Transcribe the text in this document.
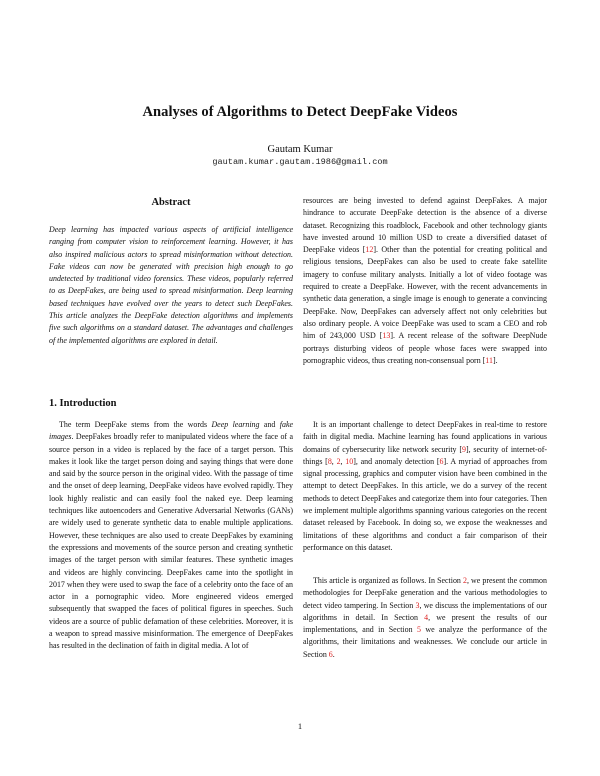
Analyses of Algorithms to Detect DeepFake Videos
Gautam Kumar
gautam.kumar.gautam.1986@gmail.com
Abstract
Deep learning has impacted various aspects of artificial intelligence ranging from computer vision to reinforcement learning. However, it has also inspired malicious actors to spread misinformation without detection. Fake videos can now be generated with precision high enough to go undetected by traditional video forensics. These videos, popularly referred to as DeepFakes, are being used to spread misinformation. Deep learning based techniques have evolved over the years to detect such DeepFakes. This article analyzes the DeepFake detection algorithms and implements five such algorithms on a standard dataset. The advantages and challenges of the implemented algorithms are explored in detail.
1. Introduction
The term DeepFake stems from the words Deep learning and fake images. DeepFakes broadly refer to manipulated videos where the face of a source person in a video is replaced by the face of a target person. This makes it look like the target person doing and saying things that were done and said by the source person in the original video. With the passage of time and the onset of deep learning, DeepFake videos have evolved rapidly. They look highly realistic and can easily fool the naked eye. Deep learning techniques like autoencoders and Generative Adversarial Networks (GANs) are widely used to generate synthetic data to enable multiple applications. However, these techniques are also used to create DeepFakes by examining the expressions and movements of the source person and creating synthetic images of the target person with similar features. These synthetic images and videos are highly convincing. DeepFakes came into the spotlight in 2017 when they were used to swap the face of a celebrity onto the face of an actor in a pornographic video. More engineered videos emerged subsequently that swapped the faces of political figures in speeches. Such videos are a source of public defamation of these celebrities. Moreover, it is a weapon to spread massive misinformation. The emergence of DeepFakes has resulted in the declination of faith in digital media. A lot of
resources are being invested to defend against DeepFakes. A major hindrance to accurate DeepFake detection is the absence of a diverse dataset. Recognizing this roadblock, Facebook and other technology giants have invested around 10 million USD to create a diversified dataset of DeepFake videos [12]. Other than the potential for creating political and religious tensions, DeepFakes can also be used to create fake satellite imagery to confuse military analysts. Initially a lot of video footage was required to create a DeepFake. However, with the recent advancements in synthetic data generation, a single image is enough to generate a convincing DeepFake. Now, DeepFakes can adversely affect not only celebrities but also ordinary people. A voice DeepFake was used to scam a CEO and rob him of 243,000 USD [13]. A recent release of the software DeepNude portrays disturbing videos of people whose faces were swapped into pornographic videos, thus creating non-consensual porn [11].
It is an important challenge to detect DeepFakes in real-time to restore faith in digital media. Machine learning has found applications in various domains of cybersecurity like network security [9], security of internet-of-things [8, 2, 10], and anomaly detection [6]. A myriad of approaches from signal processing, graphics and computer vision have been combined in the attempt to detect DeepFakes. In this article, we do a survey of the recent methods to detect DeepFakes and categorize them into four categories. Then we implement multiple algorithms spanning various categories on the recent dataset released by Facebook. In doing so, we expose the weaknesses and limitations of these algorithms and conduct a fair comparison of their performance on this dataset.
This article is organized as follows. In Section 2, we present the common methodologies for DeepFake generation and the various methodologies to detect video tampering. In Section 3, we discuss the implementations of our algorithms in detail. In Section 4, we present the results of our implementations, and in Section 5 we analyze the performance of the algorithms, their limitations and weaknesses. We conclude our article in Section 6.
1
